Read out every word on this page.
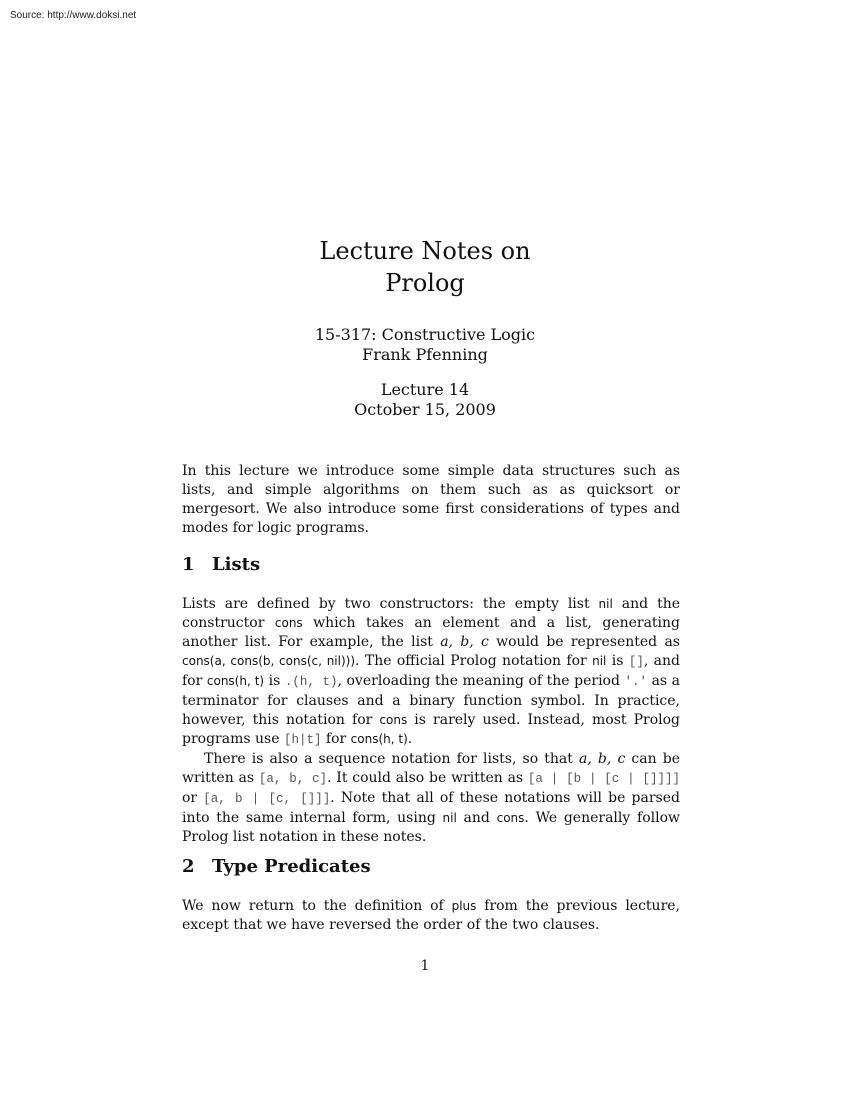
Source: http://www.doksi.net
Lecture Notes on
Prolog
15-317: Constructive Logic
Frank Pfenning
Lecture 14
October 15, 2009

In this lecture we introduce some simple data structures such as lists, and simple algorithms on them such as as quicksort or mergesort. We also introduce some first considerations of types and modes for logic programs.

1 Lists

Lists are defined by two constructors: the empty list nil and the constructor cons which takes an element and a list, generating another list. For example, the list a, b, c would be represented as cons(a, cons(b, cons(c, nil))). The official Prolog notation for nil is [], and for cons(h, t) is .(h, t), overloading the meaning of the period '.' as a terminator for clauses and a binary function symbol. In practice, however, this notation for cons is rarely used. Instead, most Prolog programs use [h|t] for cons(h, t).

There is also a sequence notation for lists, so that a, b, c can be written as [a, b, c]. It could also be written as [a | [b | [c | []]]] or [a, b | [c, []]]. Note that all of these notations will be parsed into the same internal form, using nil and cons. We generally follow Prolog list notation in these notes.

2 Type Predicates

We now return to the definition of plus from the previous lecture, except that we have reversed the order of the two clauses.

1
